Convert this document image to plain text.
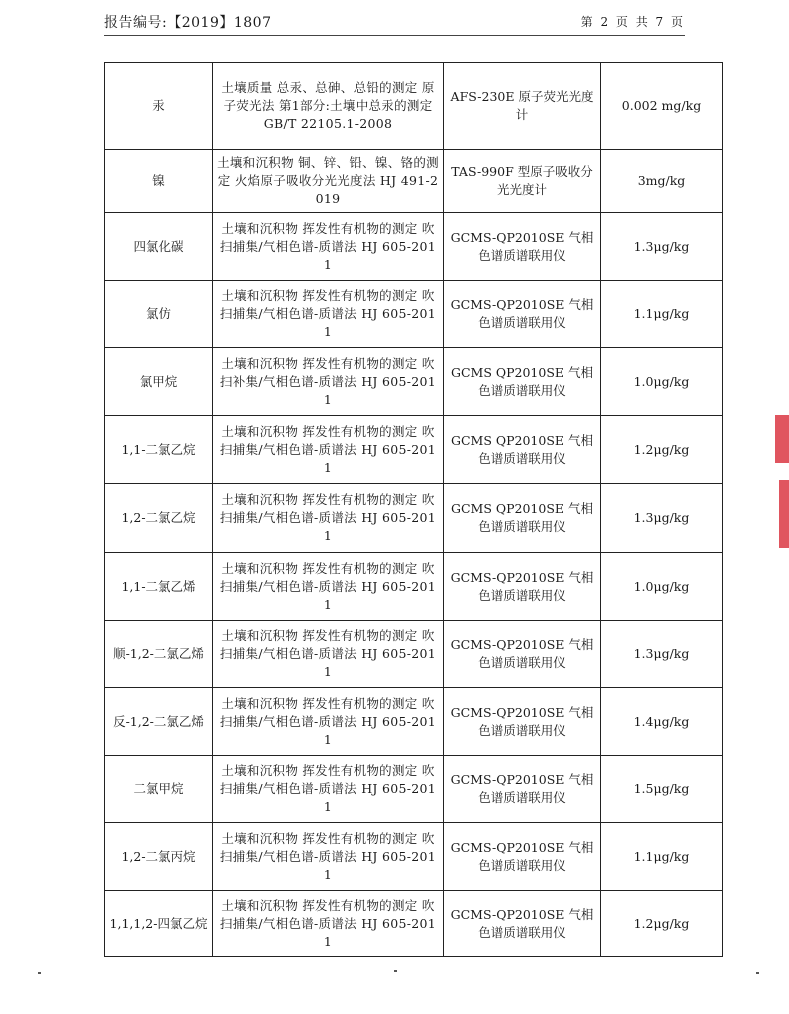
报告编号:【2019】1807	第 2 页 共 7 页
汞	土壤质量 总汞、总砷、总铅的测定 原子荧光法 第1部分:土壤中总汞的测定 GB/T 22105.1-2008	AFS-230E 原子荧光光度计	0.002 mg/kg
镍	土壤和沉积物 铜、锌、铅、镍、铬的测定 火焰原子吸收分光光度法 HJ 491-2019	TAS-990F 型原子吸收分光光度计	3mg/kg
四氯化碳	土壤和沉积物 挥发性有机物的测定 吹扫捕集/气相色谱-质谱法 HJ 605-2011	GCMS-QP2010SE 气相色谱质谱联用仪	1.3μg/kg
氯仿	土壤和沉积物 挥发性有机物的测定 吹扫捕集/气相色谱-质谱法 HJ 605-2011	GCMS-QP2010SE 气相色谱质谱联用仪	1.1μg/kg
氯甲烷	土壤和沉积物 挥发性有机物的测定 吹扫补集/气相色谱-质谱法 HJ 605-2011	GCMS QP2010SE 气相色谱质谱联用仪	1.0μg/kg
1,1-二氯乙烷	土壤和沉积物 挥发性有机物的测定 吹扫捕集/气相色谱-质谱法 HJ 605-2011	GCMS QP2010SE 气相色谱质谱联用仪	1.2μg/kg
1,2-二氯乙烷	土壤和沉积物 挥发性有机物的测定 吹扫捕集/气相色谱-质谱法 HJ 605-2011	GCMS QP2010SE 气相色谱质谱联用仪	1.3μg/kg
1,1-二氯乙烯	土壤和沉积物 挥发性有机物的测定 吹扫捕集/气相色谱-质谱法 HJ 605-2011	GCMS-QP2010SE 气相色谱质谱联用仪	1.0μg/kg
顺-1,2-二氯乙烯	土壤和沉积物 挥发性有机物的测定 吹扫捕集/气相色谱-质谱法 HJ 605-2011	GCMS-QP2010SE 气相色谱质谱联用仪	1.3μg/kg
反-1,2-二氯乙烯	土壤和沉积物 挥发性有机物的测定 吹扫捕集/气相色谱-质谱法 HJ 605-2011	GCMS-QP2010SE 气相色谱质谱联用仪	1.4μg/kg
二氯甲烷	土壤和沉积物 挥发性有机物的测定 吹扫捕集/气相色谱-质谱法 HJ 605-2011	GCMS-QP2010SE 气相色谱质谱联用仪	1.5μg/kg
1,2-二氯丙烷	土壤和沉积物 挥发性有机物的测定 吹扫捕集/气相色谱-质谱法 HJ 605-2011	GCMS-QP2010SE 气相色谱质谱联用仪	1.1μg/kg
1,1,1,2-四氯乙烷	土壤和沉积物 挥发性有机物的测定 吹扫捕集/气相色谱-质谱法 HJ 605-2011	GCMS-QP2010SE 气相色谱质谱联用仪	1.2μg/kg
